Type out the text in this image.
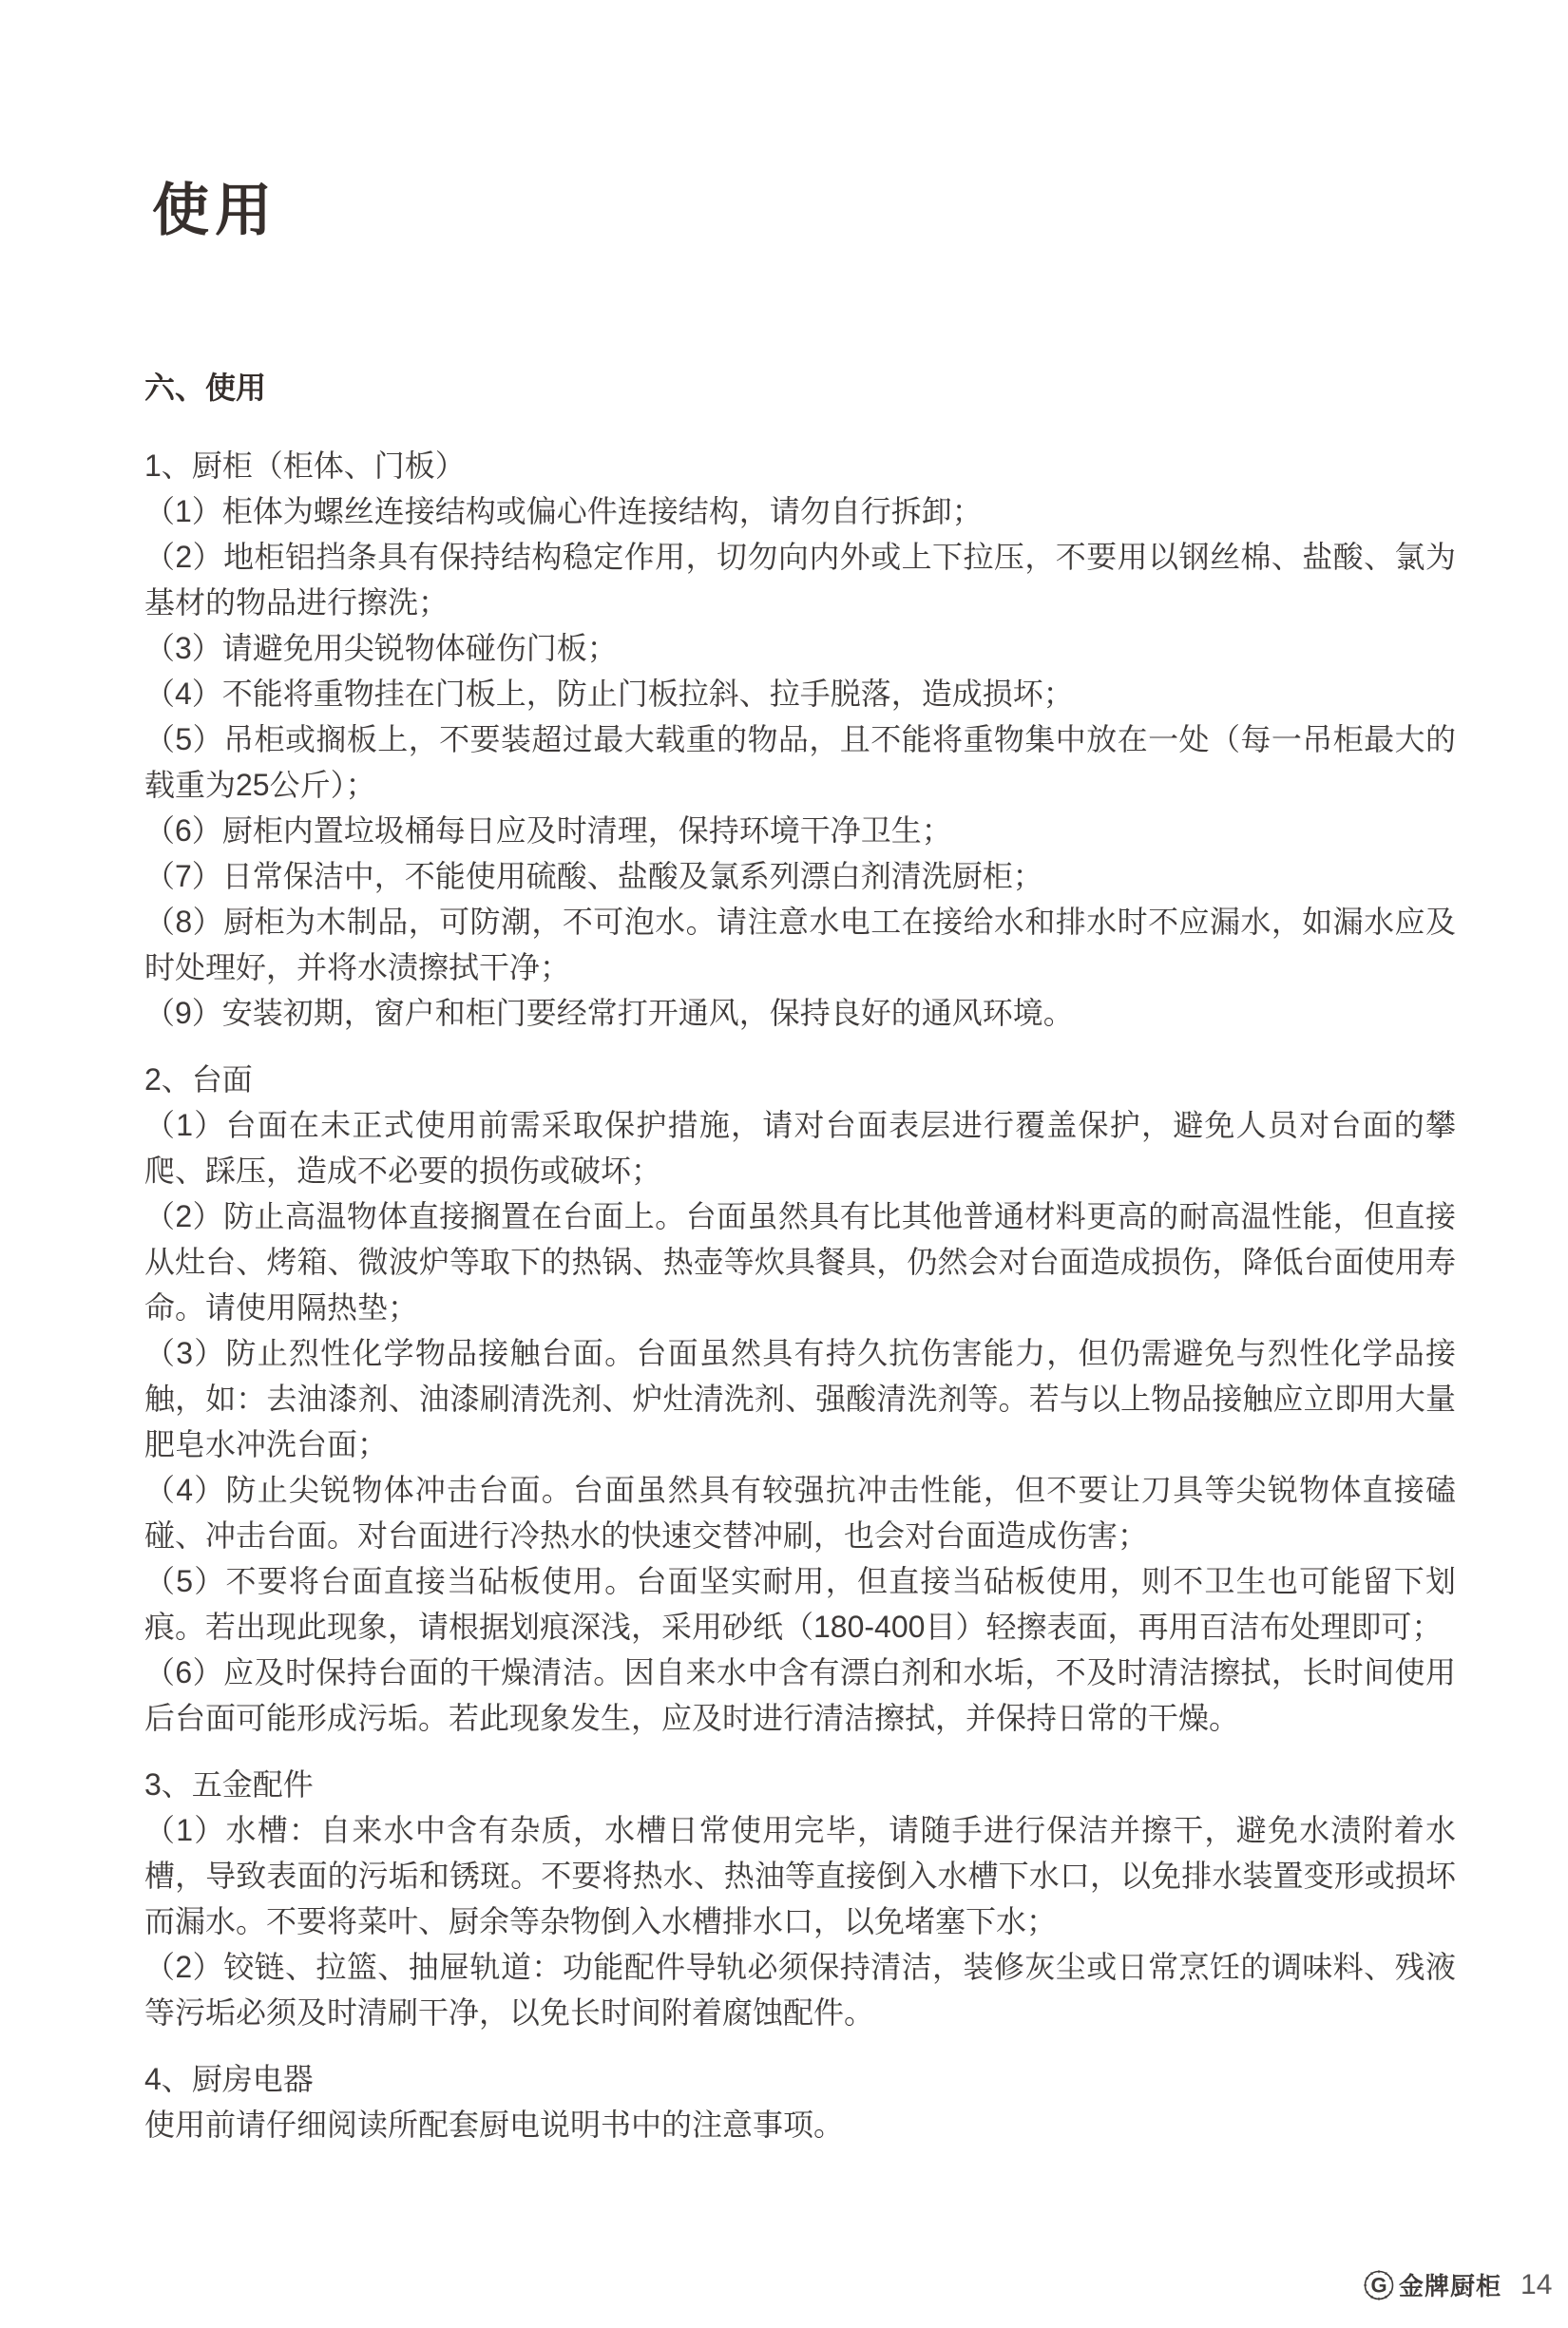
使用
六、使用
1、厨柜（柜体、门板）

（1）柜体为螺丝连接结构或偏心件连接结构，请勿自行拆卸；

（2）地柜铝挡条具有保持结构稳定作用，切勿向内外或上下拉压，不要用以钢丝棉、盐酸、氯为基材的物品进行擦洗；

（3）请避免用尖锐物体碰伤门板；

（4）不能将重物挂在门板上，防止门板拉斜、拉手脱落，造成损坏；

（5）吊柜或搁板上，不要装超过最大载重的物品，且不能将重物集中放在一处（每一吊柜最大的载重为25公斤）；

（6）厨柜内置垃圾桶每日应及时清理，保持环境干净卫生；

（7）日常保洁中，不能使用硫酸、盐酸及氯系列漂白剂清洗厨柜；

（8）厨柜为木制品，可防潮，不可泡水。请注意水电工在接给水和排水时不应漏水，如漏水应及时处理好，并将水渍擦拭干净；

（9）安装初期，窗户和柜门要经常打开通风，保持良好的通风环境。

2、台面

（1）台面在未正式使用前需采取保护措施，请对台面表层进行覆盖保护，避免人员对台面的攀爬、踩压，造成不必要的损伤或破坏；

（2）防止高温物体直接搁置在台面上。台面虽然具有比其他普通材料更高的耐高温性能，但直接从灶台、烤箱、微波炉等取下的热锅、热壶等炊具餐具，仍然会对台面造成损伤，降低台面使用寿命。请使用隔热垫；

（3）防止烈性化学物品接触台面。台面虽然具有持久抗伤害能力，但仍需避免与烈性化学品接触，如：去油漆剂、油漆刷清洗剂、炉灶清洗剂、强酸清洗剂等。若与以上物品接触应立即用大量肥皂水冲洗台面；

（4）防止尖锐物体冲击台面。台面虽然具有较强抗冲击性能，但不要让刀具等尖锐物体直接磕碰、冲击台面。对台面进行冷热水的快速交替冲刷，也会对台面造成伤害；

（5）不要将台面直接当砧板使用。台面坚实耐用，但直接当砧板使用，则不卫生也可能留下划痕。若出现此现象，请根据划痕深浅，采用砂纸（180-400目）轻擦表面，再用百洁布处理即可；

（6）应及时保持台面的干燥清洁。因自来水中含有漂白剂和水垢，不及时清洁擦拭，长时间使用后台面可能形成污垢。若此现象发生，应及时进行清洁擦拭，并保持日常的干燥。

3、五金配件

（1）水槽：自来水中含有杂质，水槽日常使用完毕，请随手进行保洁并擦干，避免水渍附着水槽，导致表面的污垢和锈斑。不要将热水、热油等直接倒入水槽下水口，以免排水装置变形或损坏而漏水。不要将菜叶、厨余等杂物倒入水槽排水口，以免堵塞下水；

（2）铰链、拉篮、抽屉轨道：功能配件导轨必须保持清洁，装修灰尘或日常烹饪的调味料、残液等污垢必须及时清刷干净，以免长时间附着腐蚀配件。

4、厨房电器

使用前请仔细阅读所配套厨电说明书中的注意事项。

G 金牌厨柜 14
